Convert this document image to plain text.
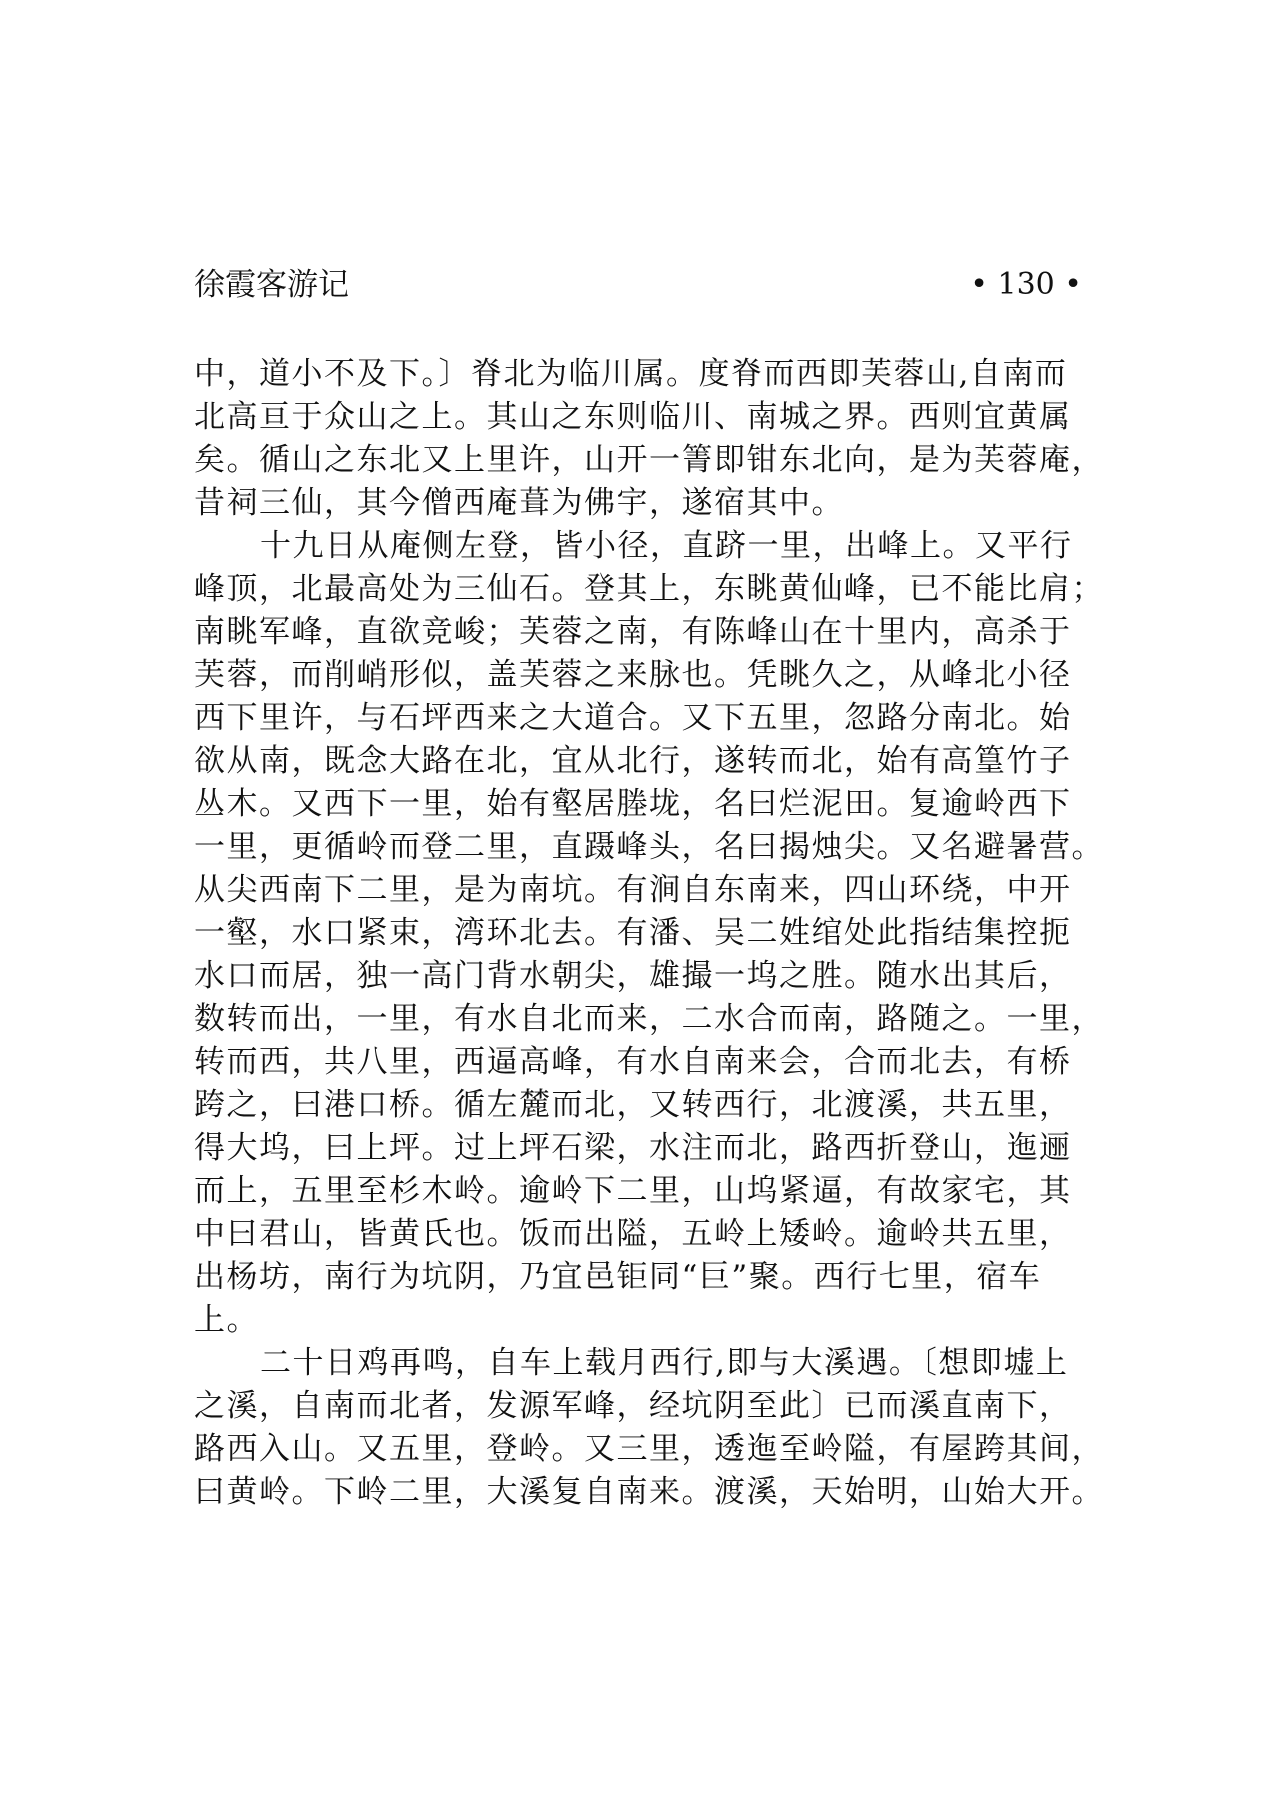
徐霞客游记	• 130 •
中，道小不及下。〕脊北为临川属。度脊而西即芙蓉山,自南而
北高亘于众山之上。其山之东则临川、南城之界。西则宜黄属
矣。循山之东北又上里许，山开一箐即钳东北向，是为芙蓉庵，
昔祠三仙，其今僧西庵葺为佛宇，遂宿其中。
十九日从庵侧左登，皆小径，直跻一里，出峰上。又平行
峰顶，北最高处为三仙石。登其上，东眺黄仙峰，已不能比肩；
南眺军峰，直欲竞峻；芙蓉之南，有陈峰山在十里内，高杀于
芙蓉，而削峭形似，盖芙蓉之来脉也。凭眺久之，从峰北小径
西下里许，与石坪西来之大道合。又下五里，忽路分南北。始
欲从南，既念大路在北，宜从北行，遂转而北，始有高篁竹子
丛木。又西下一里，始有壑居塍垅，名曰烂泥田。复逾岭西下
一里，更循岭而登二里，直蹑峰头，名曰揭烛尖。又名避暑营。
从尖西南下二里，是为南坑。有涧自东南来，四山环绕，中开
一壑，水口紧束，湾环北去。有潘、吴二姓绾处此指结集控扼
水口而居，独一高门背水朝尖，雄撮一坞之胜。随水出其后，
数转而出，一里，有水自北而来，二水合而南，路随之。一里，
转而西，共八里，西逼高峰，有水自南来会，合而北去，有桥
跨之，曰港口桥。循左麓而北，又转西行，北渡溪，共五里，
得大坞，曰上坪。过上坪石梁，水注而北，路西折登山，迤逦
而上，五里至杉木岭。逾岭下二里，山坞紧逼，有故家宅，其
中曰君山，皆黄氏也。饭而出隘，五岭上矮岭。逾岭共五里，
出杨坊，南行为坑阴，乃宜邑钜同“巨”聚。西行七里，宿车
上。
二十日鸡再鸣，自车上载月西行,即与大溪遇。〔想即墟上
之溪，自南而北者，发源军峰，经坑阴至此〕已而溪直南下，
路西入山。又五里，登岭。又三里，透迤至岭隘，有屋跨其间，
曰黄岭。下岭二里，大溪复自南来。渡溪，天始明，山始大开。
